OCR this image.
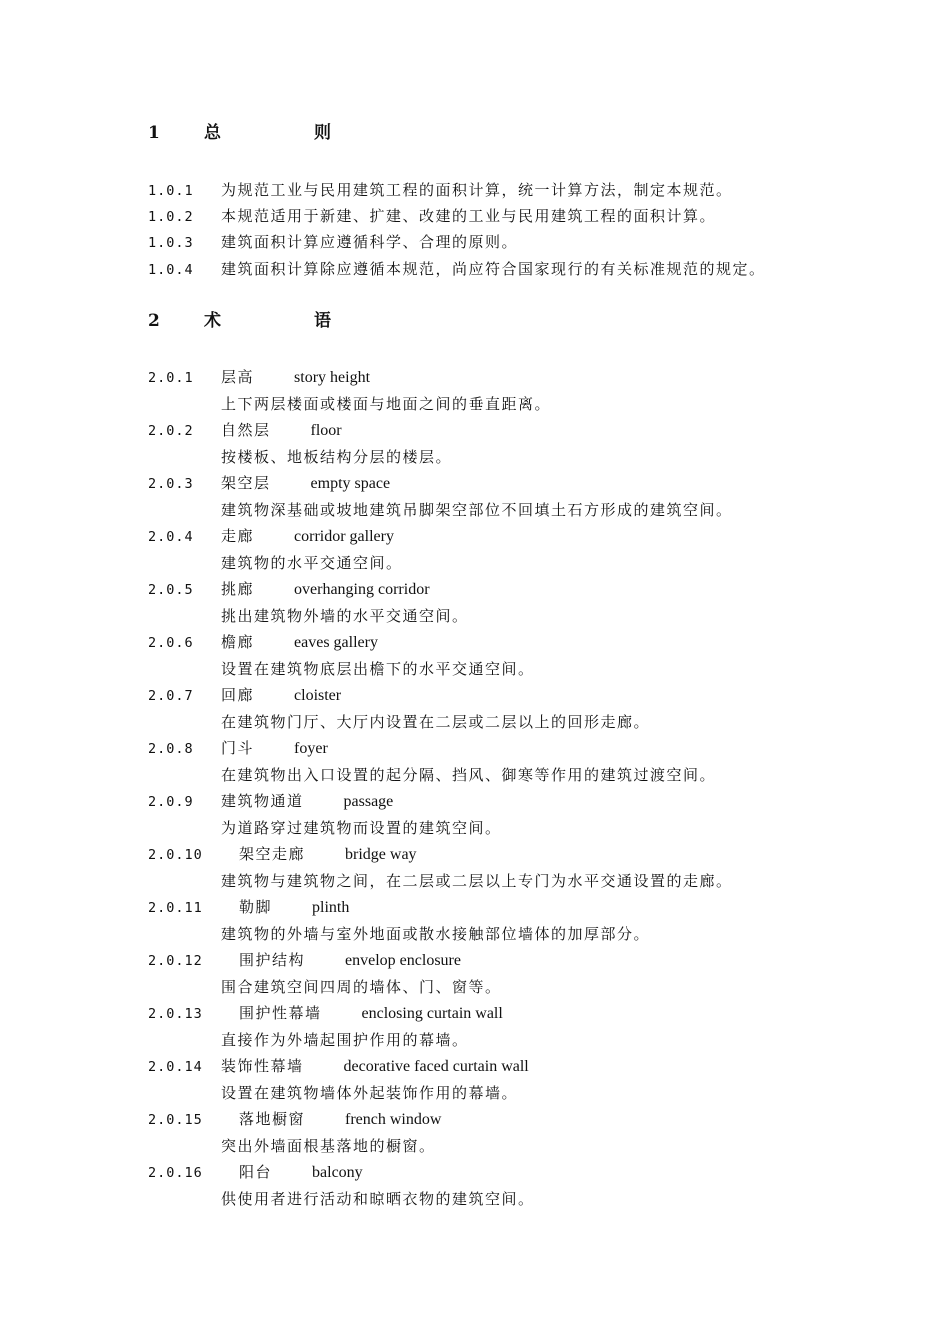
1	总	则
1.0.1 为规范工业与民用建筑工程的面积计算，统一计算方法，制定本规范。
1.0.2 本规范适用于新建、扩建、改建的工业与民用建筑工程的面积计算。
1.0.3 建筑面积计算应遵循科学、合理的原则。
1.0.4 建筑面积计算除应遵循本规范，尚应符合国家现行的有关标准规范的规定。
2	术	语
2.0.1 层高	story height
上下两层楼面或楼面与地面之间的垂直距离。
2.0.2 自然层	floor
按楼板、地板结构分层的楼层。
2.0.3 架空层	empty space
建筑物深基础或坡地建筑吊脚架空部位不回填土石方形成的建筑空间。
2.0.4 走廊	corridor gallery
建筑物的水平交通空间。
2.0.5 挑廊	overhanging corridor
挑出建筑物外墙的水平交通空间。
2.0.6 檐廊	eaves gallery
设置在建筑物底层出檐下的水平交通空间。
2.0.7 回廊	cloister
在建筑物门厅、大厅内设置在二层或二层以上的回形走廊。
2.0.8 门斗	foyer
在建筑物出入口设置的起分隔、挡风、御寒等作用的建筑过渡空间。
2.0.9 建筑物通道	passage
为道路穿过建筑物而设置的建筑空间。
2.0.10 架空走廊	bridge way
建筑物与建筑物之间，在二层或二层以上专门为水平交通设置的走廊。
2.0.11 勒脚	plinth
建筑物的外墙与室外地面或散水接触部位墙体的加厚部分。
2.0.12 围护结构	envelop enclosure
围合建筑空间四周的墙体、门、窗等。
2.0.13 围护性幕墙	enclosing curtain wall
直接作为外墙起围护作用的幕墙。
2.0.14 装饰性幕墙	decorative faced curtain wall
设置在建筑物墙体外起装饰作用的幕墙。
2.0.15 落地橱窗	french window
突出外墙面根基落地的橱窗。
2.0.16 阳台	balcony
供使用者进行活动和晾晒衣物的建筑空间。
